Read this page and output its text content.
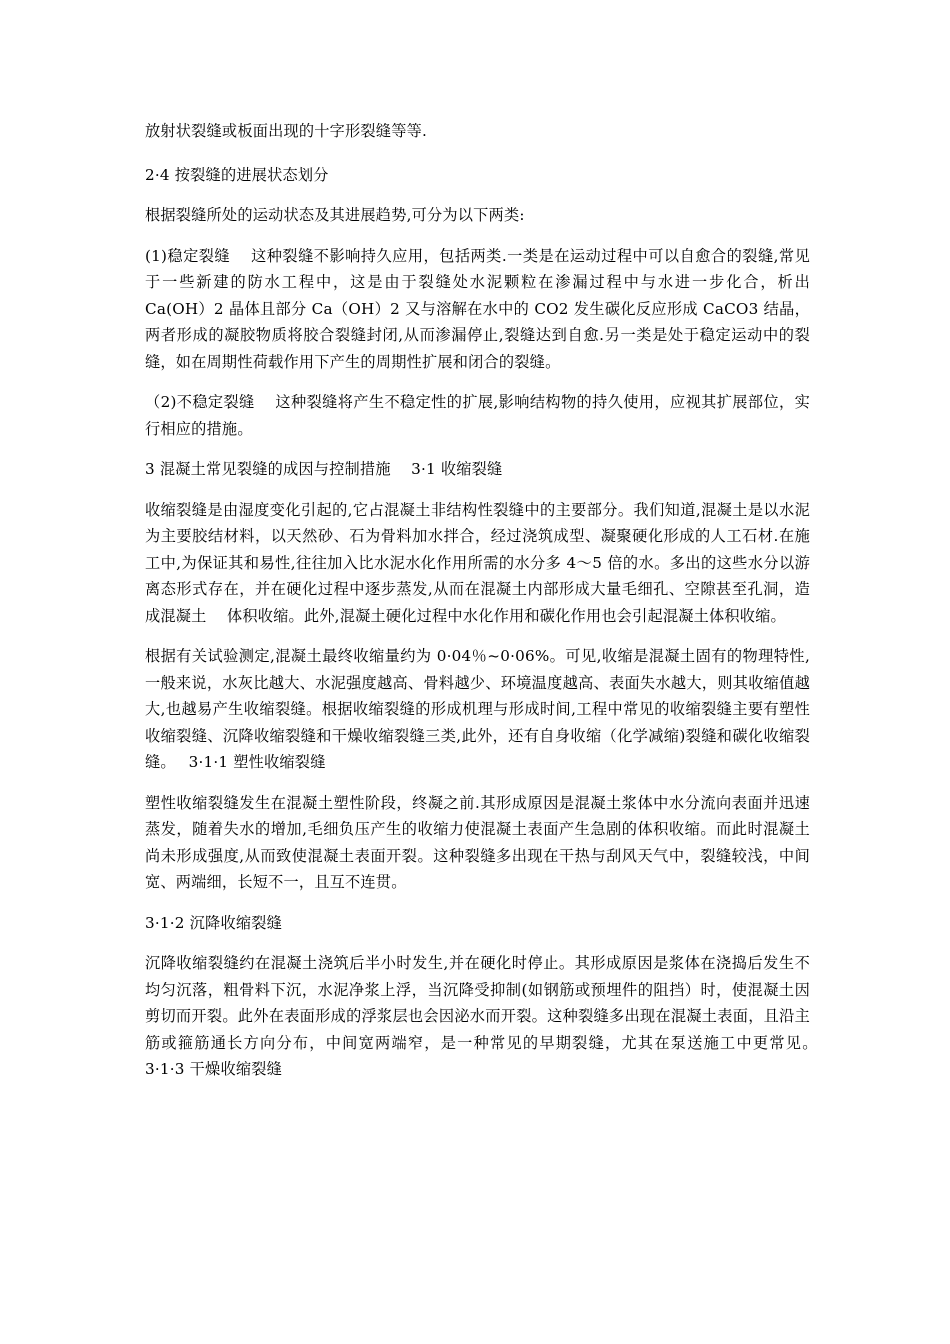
放射状裂缝或板面出现的十字形裂缝等等.
2·4 按裂缝的进展状态划分
根据裂缝所处的运动状态及其进展趋势,可分为以下两类:
(1)稳定裂缝　 这种裂缝不影响持久应用，包括两类.一类是在运动过程中可以自愈合的裂缝,常见于一些新建的防水工程中，这是由于裂缝处水泥颗粒在渗漏过程中与水进一步化合，析出 Ca(OH）2 晶体且部分 Ca（OH）2 又与溶解在水中的 CO2 发生碳化反应形成 CaCO3 结晶，两者形成的凝胶物质将胶合裂缝封闭,从而渗漏停止,裂缝达到自愈.另一类是处于稳定运动中的裂缝，如在周期性荷载作用下产生的周期性扩展和闭合的裂缝。
（2)不稳定裂缝　 这种裂缝将产生不稳定性的扩展,影响结构物的持久使用，应视其扩展部位，实行相应的措施。
3 混凝土常见裂缝的成因与控制措施　 3·1 收缩裂缝
收缩裂缝是由湿度变化引起的,它占混凝土非结构性裂缝中的主要部分。我们知道,混凝土是以水泥为主要胶结材料，以天然砂、石为骨料加水拌合，经过浇筑成型、凝聚硬化形成的人工石材.在施工中,为保证其和易性,往往加入比水泥水化作用所需的水分多 4～5 倍的水。多出的这些水分以游离态形式存在，并在硬化过程中逐步蒸发,从而在混凝土内部形成大量毛细孔、空隙甚至孔洞，造成混凝土　 体积收缩。此外,混凝土硬化过程中水化作用和碳化作用也会引起混凝土体积收缩。
根据有关试验测定,混凝土最终收缩量约为 0·04％~0·06%。可见,收缩是混凝土固有的物理特性,一般来说，水灰比越大、水泥强度越高、骨料越少、环境温度越高、表面失水越大，则其收缩值越大,也越易产生收缩裂缝。根据收缩裂缝的形成机理与形成时间,工程中常见的收缩裂缝主要有塑性收缩裂缝、沉降收缩裂缝和干燥收缩裂缝三类,此外，还有自身收缩（化学减缩)裂缝和碳化收缩裂缝。　 3·1·1 塑性收缩裂缝
塑性收缩裂缝发生在混凝土塑性阶段，终凝之前.其形成原因是混凝土浆体中水分流向表面并迅速蒸发，随着失水的增加,毛细负压产生的收缩力使混凝土表面产生急剧的体积收缩。而此时混凝土尚未形成强度,从而致使混凝土表面开裂。这种裂缝多出现在干热与刮风天气中，裂缝较浅，中间宽、两端细，长短不一，且互不连贯。
3·1·2 沉降收缩裂缝
沉降收缩裂缝约在混凝土浇筑后半小时发生,并在硬化时停止。其形成原因是浆体在浇捣后发生不均匀沉落，粗骨料下沉，水泥净浆上浮，当沉降受抑制(如钢筋或预埋件的阻挡）时，使混凝土因剪切而开裂。此外在表面形成的浮浆层也会因泌水而开裂。这种裂缝多出现在混凝土表面，且沿主筋或箍筋通长方向分布，中间宽两端窄，是一种常见的早期裂缝，尤其在泵送施工中更常见。　 3·1·3 干燥收缩裂缝
